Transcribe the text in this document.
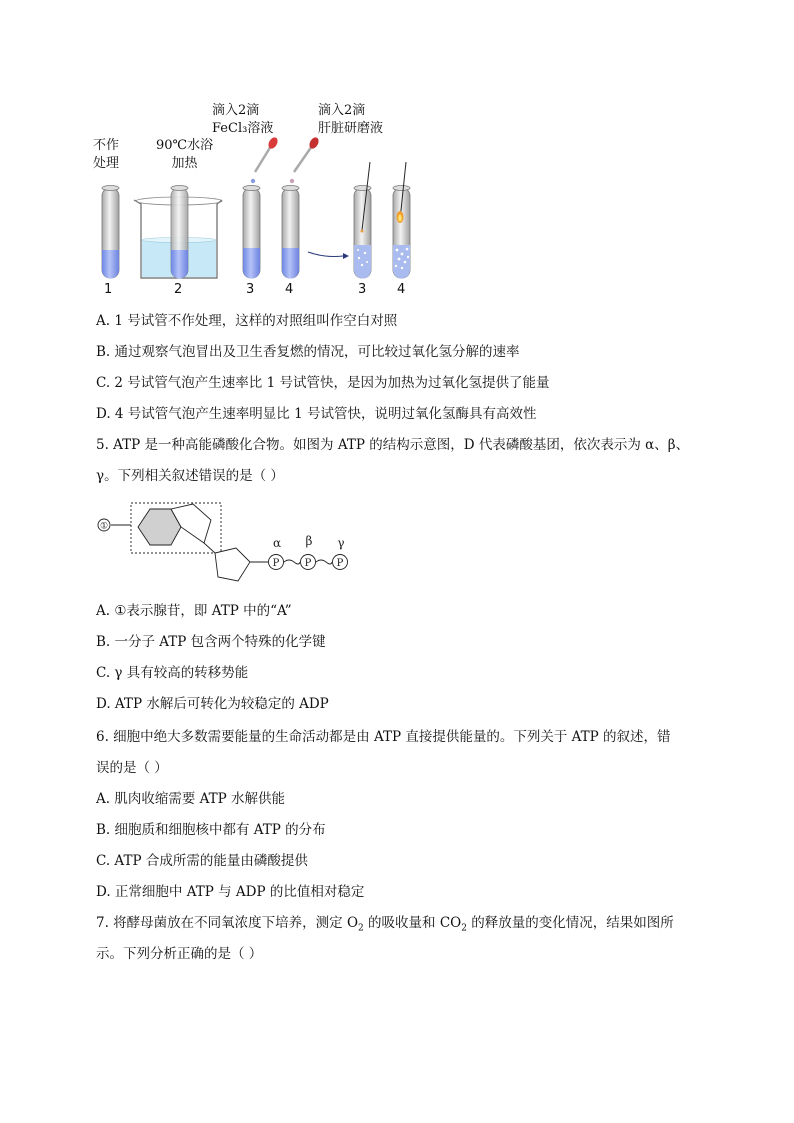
不作
处理
90℃水浴
加热
滴入2滴
FeCl₃溶液
滴入2滴
肝脏研磨液
1	2	3 4	3 4
A. 1 号试管不作处理，这样的对照组叫作空白对照
B. 通过观察气泡冒出及卫生香复燃的情况，可比较过氧化氢分解的速率
C. 2 号试管气泡产生速率比 1 号试管快，是因为加热为过氧化氢提供了能量
D. 4 号试管气泡产生速率明显比 1 号试管快，说明过氧化氢酶具有高效性
5. ATP 是一种高能磷酸化合物。如图为 ATP 的结构示意图，D 代表磷酸基团，依次表示为 α、β、
γ。下列相关叙述错误的是（ ）
①
P	P	P
α β γ
A. ①表示腺苷，即 ATP 中的“A”
B. 一分子 ATP 包含两个特殊的化学键
C. γ 具有较高的转移势能
D. ATP 水解后可转化为较稳定的 ADP
6. 细胞中绝大多数需要能量的生命活动都是由 ATP 直接提供能量的。下列关于 ATP 的叙述，错
误的是（ ）
A. 肌肉收缩需要 ATP 水解供能
B. 细胞质和细胞核中都有 ATP 的分布
C. ATP 合成所需的能量由磷酸提供
D. 正常细胞中 ATP 与 ADP 的比值相对稳定
7. 将酵母菌放在不同氧浓度下培养，测定 $O_2$ 的吸收量和 $CO_2$ 的释放量的变化情况，结果如图所
示。下列分析正确的是（ ）
